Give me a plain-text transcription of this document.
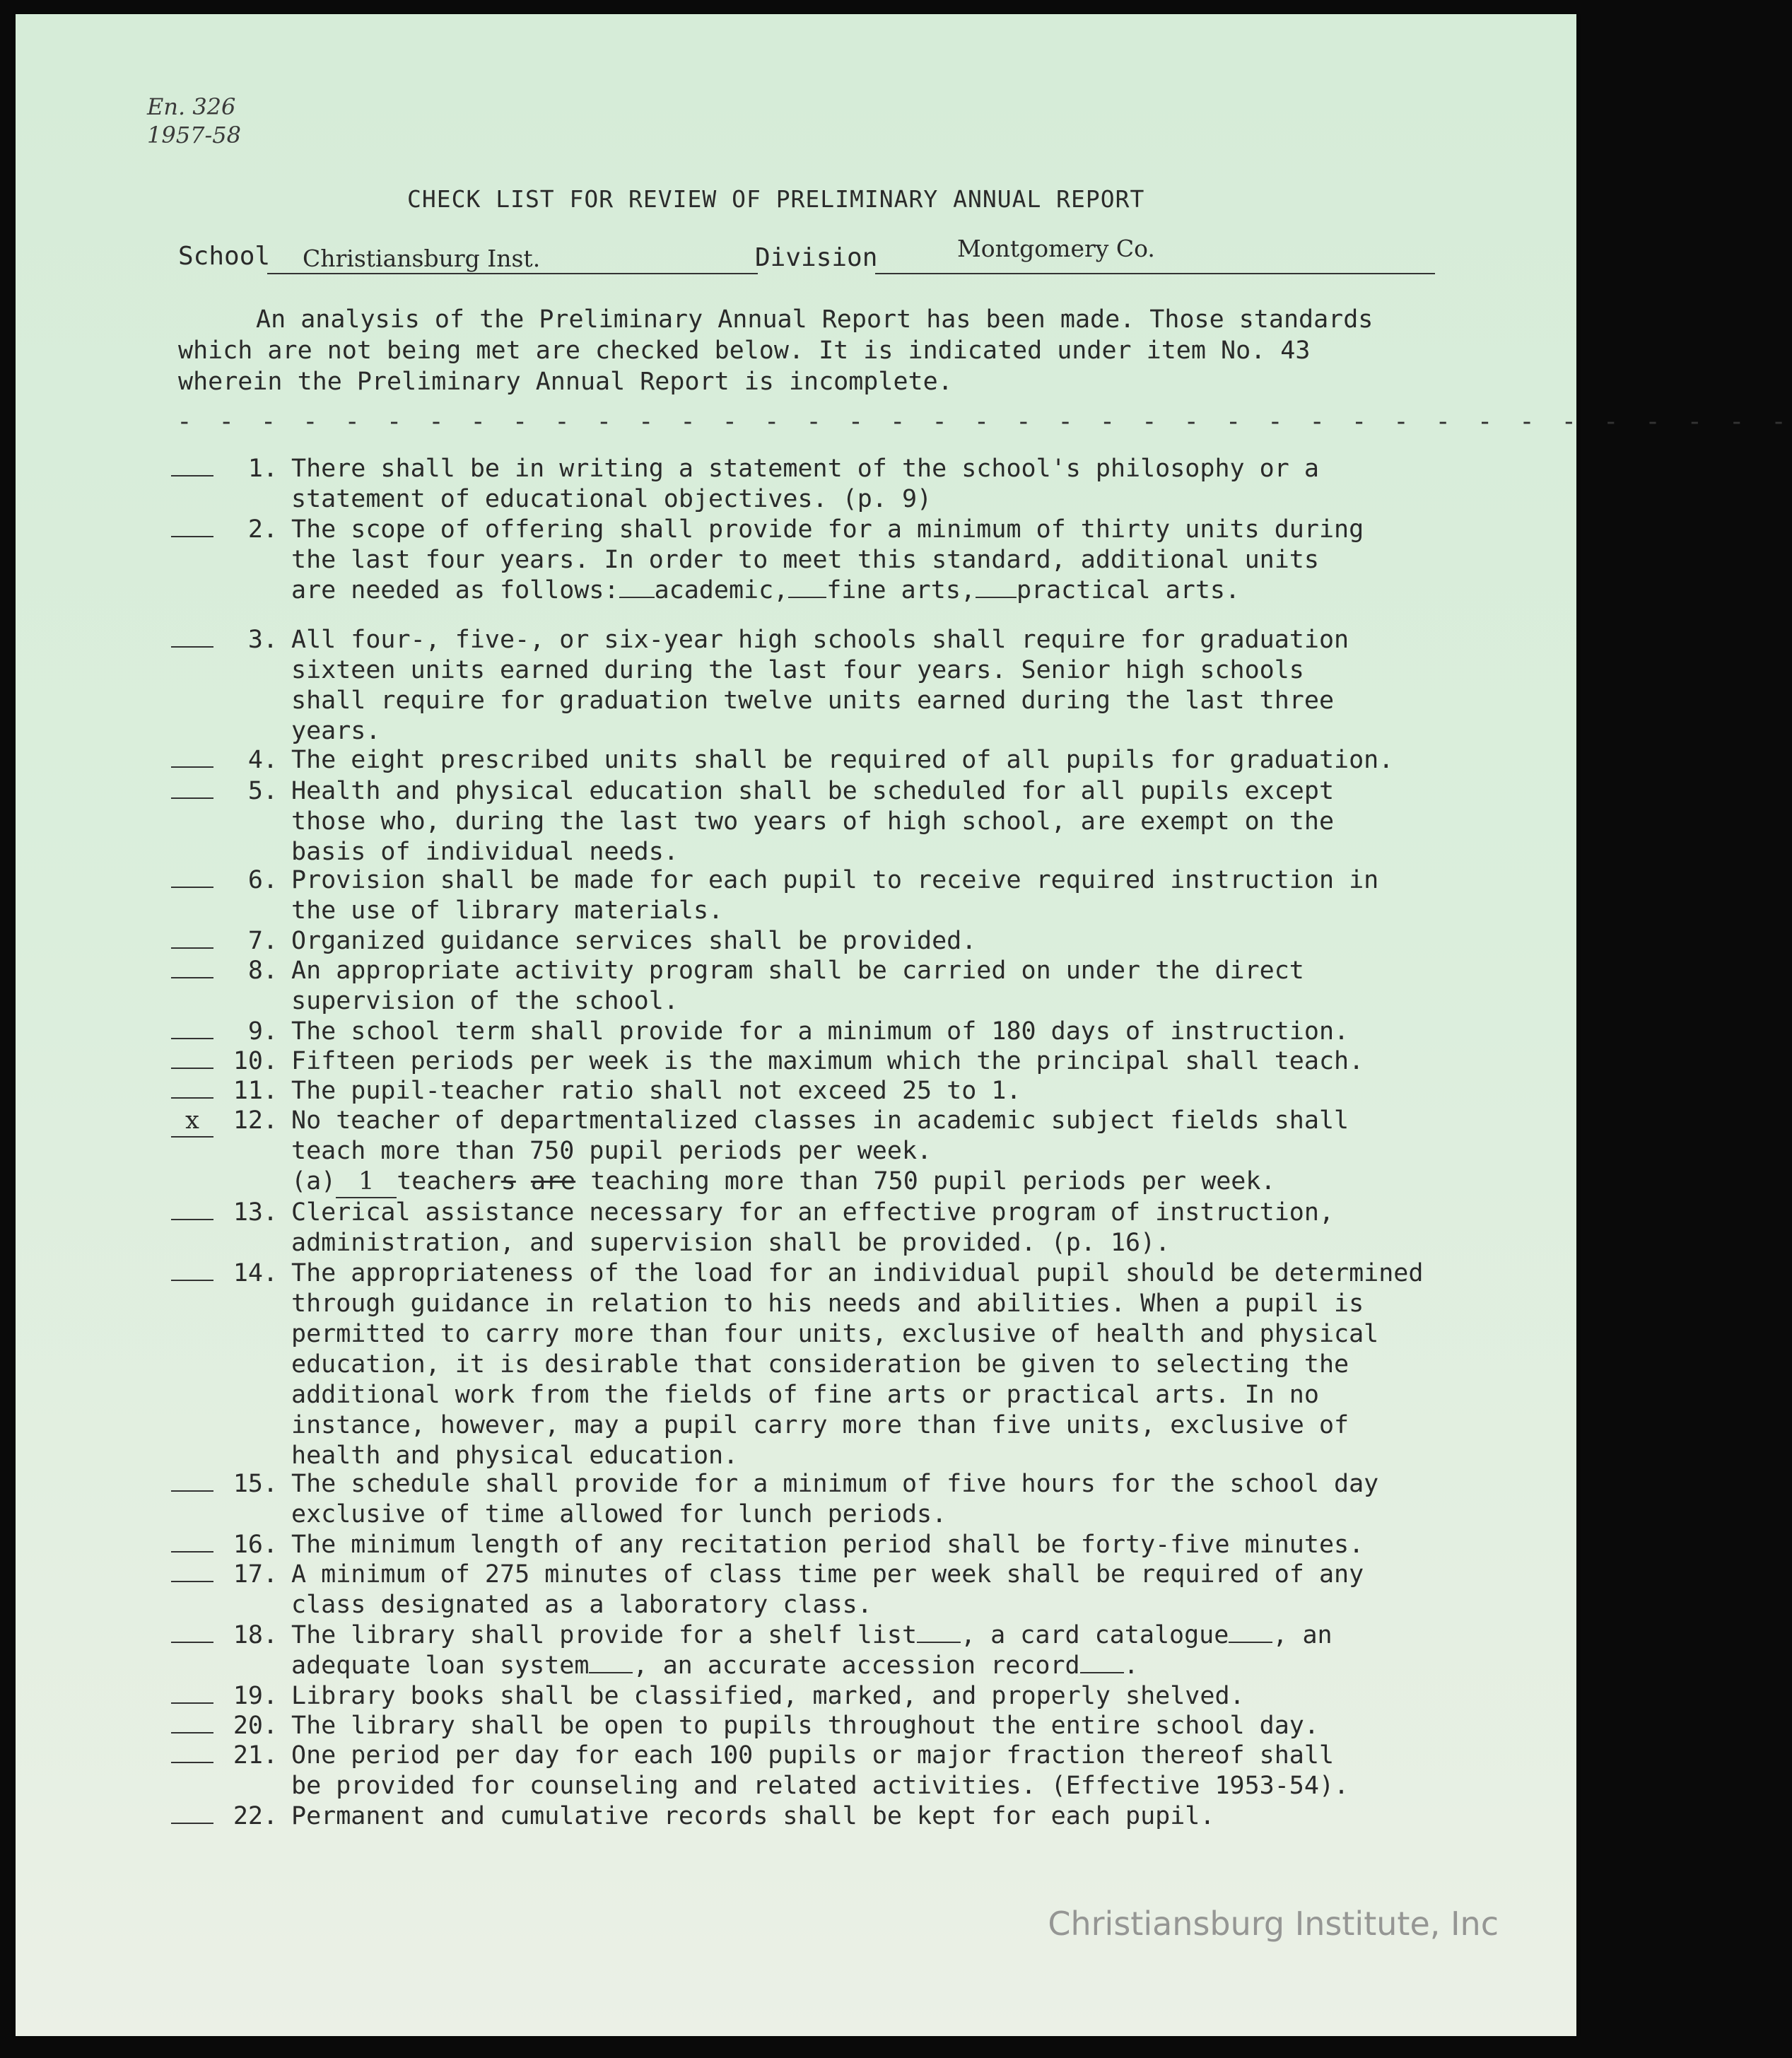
En. 326
1957-58
CHECK LIST FOR REVIEW OF PRELIMINARY ANNUAL REPORT
School Christiansburg Inst.	Division	Montgomery Co.
An analysis of the Preliminary Annual Report has been made. Those standards
which are not being met are checked below. It is indicated under item No. 43
wherein the Preliminary Annual Report is incomplete.
- - - - - - - - - - - - - - - - - - - - - - - - - - - - - - - - - - - - - - -
1. There shall be in writing a statement of the school's philosophy or a
statement of educational objectives. (p. 9)
2. The scope of offering shall provide for a minimum of thirty units during
the last four years. In order to meet this standard, additional units
are needed as follows: academic, fine arts, practical arts.
3. All four-, five-, or six-year high schools shall require for graduation
sixteen units earned during the last four years. Senior high schools
shall require for graduation twelve units earned during the last three
years.
4. The eight prescribed units shall be required of all pupils for graduation.
5. Health and physical education shall be scheduled for all pupils except
those who, during the last two years of high school, are exempt on the
basis of individual needs.
6. Provision shall be made for each pupil to receive required instruction in
the use of library materials.
7. Organized guidance services shall be provided.
8. An appropriate activity program shall be carried on under the direct
supervision of the school.
9. The school term shall provide for a minimum of 180 days of instruction.
10. Fifteen periods per week is the maximum which the principal shall teach.
11. The pupil-teacher ratio shall not exceed 25 to 1.
x 12. No teacher of departmentalized classes in academic subject fields shall
teach more than 750 pupil periods per week.
(a) 1 teachers are teaching more than 750 pupil periods per week.
13. Clerical assistance necessary for an effective program of instruction,
administration, and supervision shall be provided. (p. 16).
14. The appropriateness of the load for an individual pupil should be determined
through guidance in relation to his needs and abilities. When a pupil is
permitted to carry more than four units, exclusive of health and physical
education, it is desirable that consideration be given to selecting the
additional work from the fields of fine arts or practical arts. In no
instance, however, may a pupil carry more than five units, exclusive of
health and physical education.
15. The schedule shall provide for a minimum of five hours for the school day
exclusive of time allowed for lunch periods.
16. The minimum length of any recitation period shall be forty-five minutes.
17. A minimum of 275 minutes of class time per week shall be required of any
class designated as a laboratory class.
18. The library shall provide for a shelf list , a card catalogue , an
adequate loan system , an accurate accession record .
19. Library books shall be classified, marked, and properly shelved.
20. The library shall be open to pupils throughout the entire school day.
21. One period per day for each 100 pupils or major fraction thereof shall
be provided for counseling and related activities. (Effective 1953-54).
22. Permanent and cumulative records shall be kept for each pupil.
Christiansburg Institute, Inc
